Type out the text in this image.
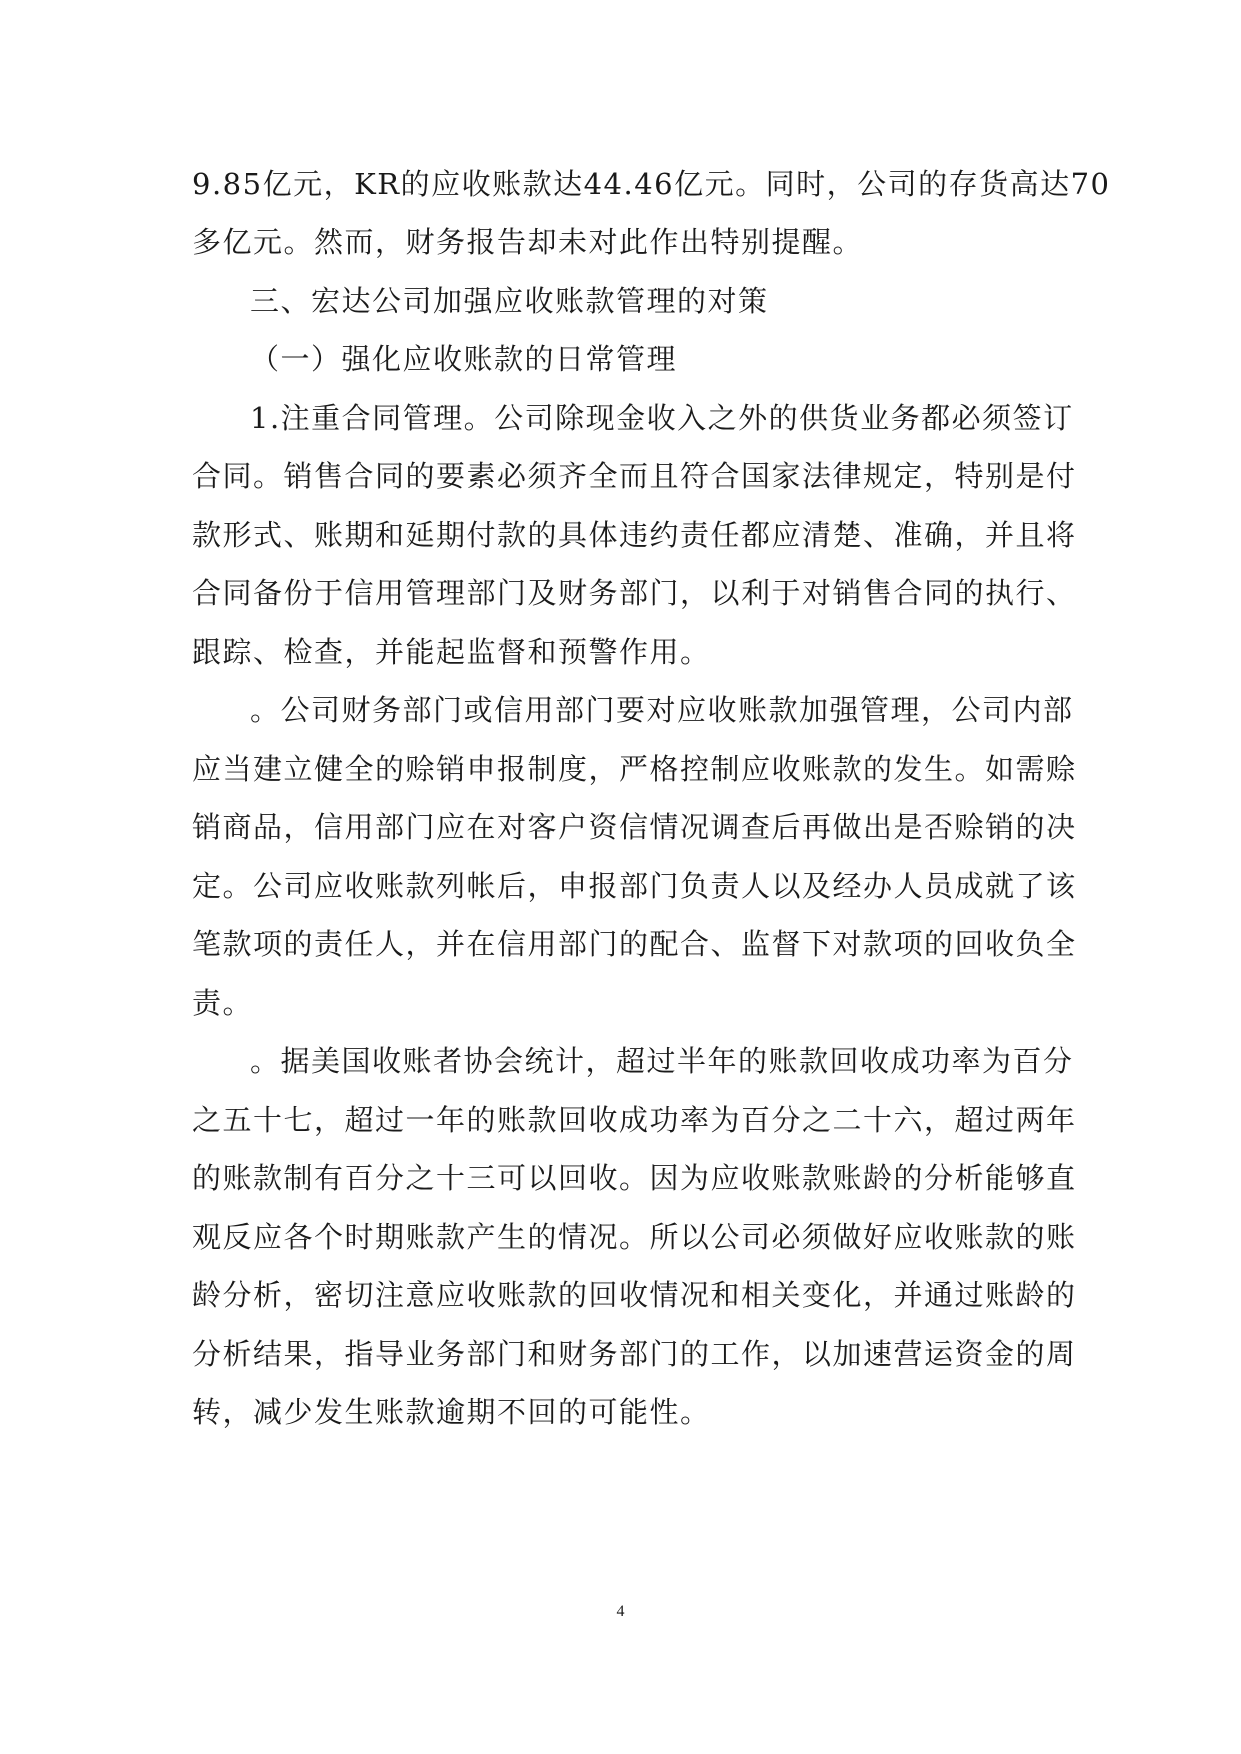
9.85亿元，KR的应收账款达44.46亿元。同时，公司的存货高达70
多亿元。然而，财务报告却未对此作出特别提醒。
三、宏达公司加强应收账款管理的对策
（一）强化应收账款的日常管理
1.注重合同管理。公司除现金收入之外的供货业务都必须签订
合同。销售合同的要素必须齐全而且符合国家法律规定，特别是付
款形式、账期和延期付款的具体违约责任都应清楚、准确，并且将
合同备份于信用管理部门及财务部门，以利于对销售合同的执行、
跟踪、检查，并能起监督和预警作用。
。公司财务部门或信用部门要对应收账款加强管理，公司内部
应当建立健全的赊销申报制度，严格控制应收账款的发生。如需赊
销商品，信用部门应在对客户资信情况调查后再做出是否赊销的决
定。公司应收账款列帐后，申报部门负责人以及经办人员成就了该
笔款项的责任人，并在信用部门的配合、监督下对款项的回收负全
责。
。据美国收账者协会统计，超过半年的账款回收成功率为百分
之五十七，超过一年的账款回收成功率为百分之二十六，超过两年
的账款制有百分之十三可以回收。因为应收账款账龄的分析能够直
观反应各个时期账款产生的情况。所以公司必须做好应收账款的账
龄分析，密切注意应收账款的回收情况和相关变化，并通过账龄的
分析结果，指导业务部门和财务部门的工作，以加速营运资金的周
转，减少发生账款逾期不回的可能性。
4
